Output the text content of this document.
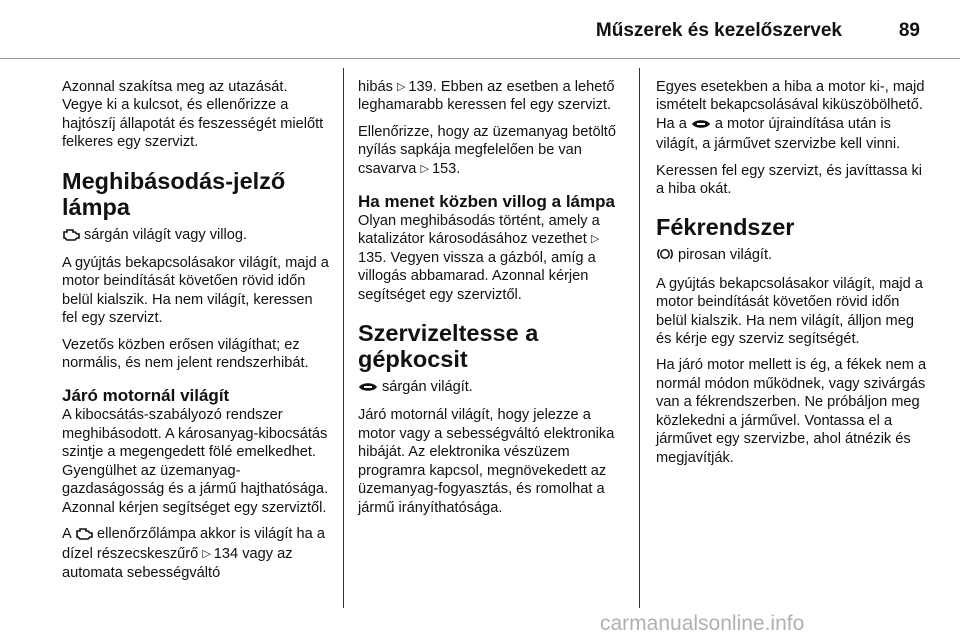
Műszerek és kezelőszervek	89

Azonnal szakítsa meg az utazását. Vegye ki a kulcsot, és ellenőrizze a hajtószíj állapotát és feszességét mielőtt felkeres egy szervizt.

Meghibásodás-jelző lámpa

sárgán világít vagy villog.

A gyújtás bekapcsolásakor világít, majd a motor beindítását követően rövid időn belül kialszik. Ha nem világít, keressen fel egy szervizt.

Vezetős közben erősen világíthat; ez normális, és nem jelent rendszerhibát.

Járó motornál világít

A kibocsátás-szabályozó rendszer meghibásodott. A károsanyag-kibocsátás szintje a megengedett fölé emelkedhet. Gyengülhet az üzemanyag-gazdaságosság és a jármű hajthatósága. Azonnal kérjen segítséget egy szerviztől.

A ellenőrzőlámpa akkor is világít ha a dízel részecskeszűrő ▷ 134 vagy az automata sebességváltó

hibás ▷ 139. Ebben az esetben a lehető leghamarabb keressen fel egy szervizt.

Ellenőrizze, hogy az üzemanyag betöltő nyílás sapkája megfelelően be van csavarva ▷ 153.

Ha menet közben villog a lámpa

Olyan meghibásodás történt, amely a katalizátor károsodásához vezethet ▷135. Vegyen vissza a gázból, amíg a villogás abbamarad. Azonnal kérjen segítséget egy szerviztől.

Szervizeltesse a gépkocsit

sárgán világít.

Járó motornál világít, hogy jelezze a motor vagy a sebességváltó elektronika hibáját. Az elektronika vészüzem programra kapcsol, megnövekedett az üzemanyag-fogyasztás, és romolhat a jármű irányíthatósága.

Egyes esetekben a hiba a motor ki-, majd ismételt bekapcsolásával kiküszöbölhető. Ha a a motor újraindítása után is világít, a járművet szervizbe kell vinni.

Keressen fel egy szervizt, és javíttassa ki a hiba okát.

Fékrendszer

pirosan világít.

A gyújtás bekapcsolásakor világít, majd a motor beindítását követően rövid időn belül kialszik. Ha nem világít, álljon meg és kérje egy szerviz segítségét.

Ha járó motor mellett is ég, a fékek nem a normál módon működnek, vagy szivárgás van a fékrendszerben. Ne próbáljon meg közlekedni a járművel. Vontassa el a járművet egy szervizbe, ahol átnézik és megjavítják.

carmanualsonline.info
